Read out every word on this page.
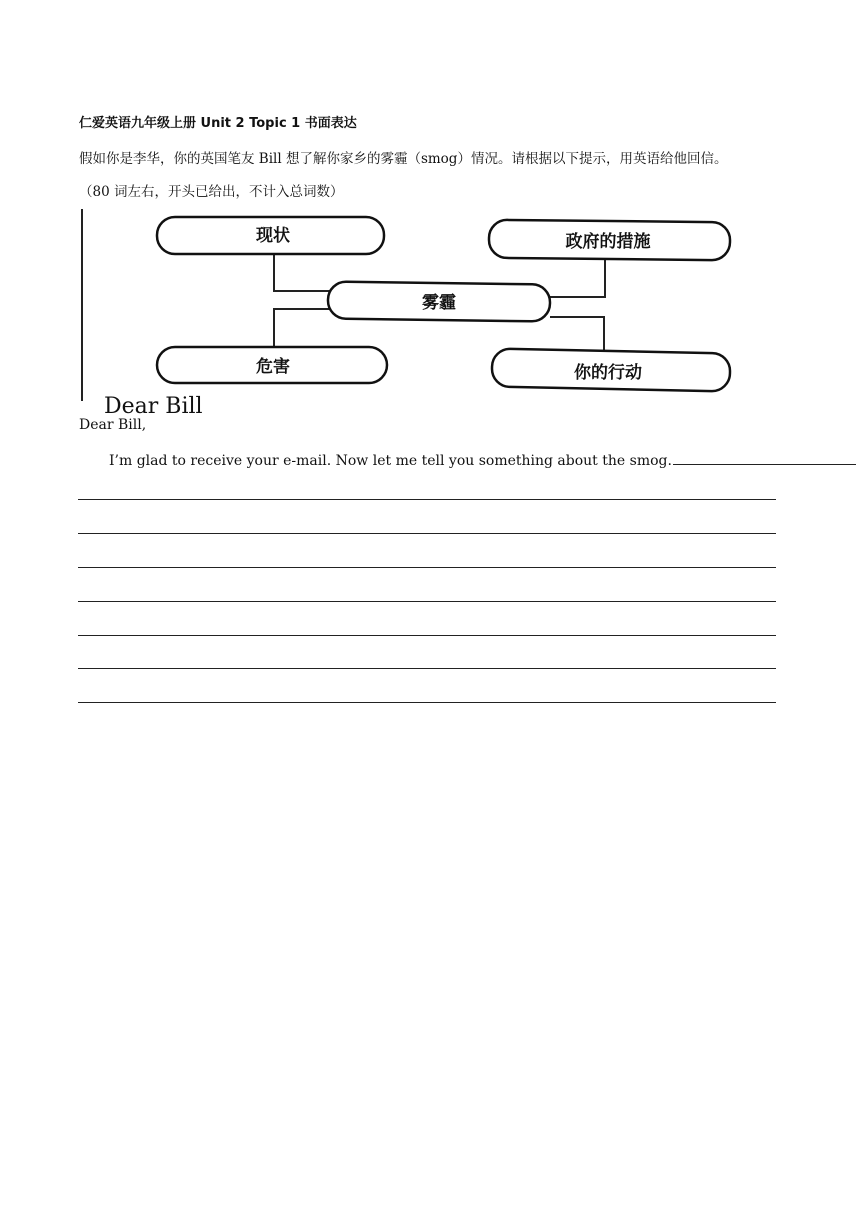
仁爱英语九年级上册 Unit 2 Topic 1 书面表达
假如你是李华，你的英国笔友 Bill 想了解你家乡的雾霾（smog）情况。请根据以下提示，用英语给他回信。
（80 词左右，开头已给出，不计入总词数）
现状	政府的措施
雾霾
危害	你的行动
Dear Bill
Dear Bill,
I’m glad to receive your e-mail. Now let me tell you something about the smog.
